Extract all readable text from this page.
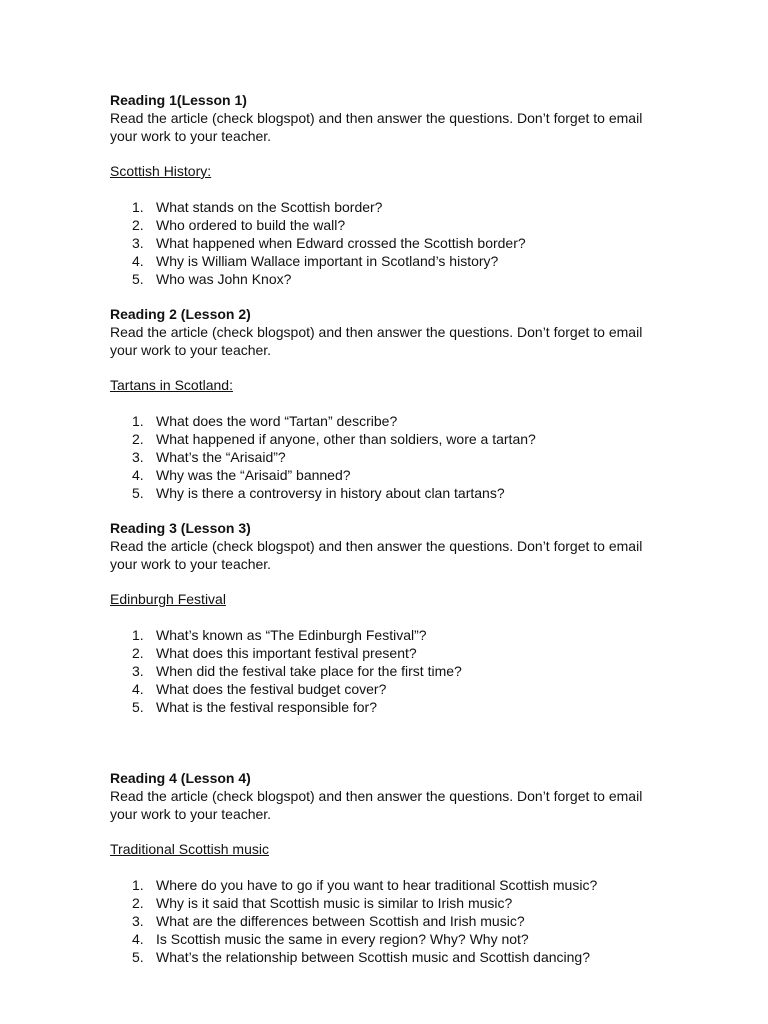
Reading 1(Lesson 1)

Read the article (check blogspot) and then answer the questions. Don’t forget to email your work to your teacher.

Scottish History:

1. What stands on the Scottish border?
2. Who ordered to build the wall?
3. What happened when Edward crossed the Scottish border?
4. Why is William Wallace important in Scotland’s history?
5. Who was John Knox?

Reading 2 (Lesson 2)

Read the article (check blogspot) and then answer the questions. Don’t forget to email your work to your teacher.

Tartans in Scotland:

1. What does the word “Tartan” describe?
2. What happened if anyone, other than soldiers, wore a tartan?
3. What’s the “Arisaid”?
4. Why was the “Arisaid” banned?
5. Why is there a controversy in history about clan tartans?

Reading 3 (Lesson 3)

Read the article (check blogspot) and then answer the questions. Don’t forget to email your work to your teacher.

Edinburgh Festival

1. What’s known as “The Edinburgh Festival”?
2. What does this important festival present?
3. When did the festival take place for the first time?
4. What does the festival budget cover?
5. What is the festival responsible for?

Reading 4 (Lesson 4)

Read the article (check blogspot) and then answer the questions. Don’t forget to email your work to your teacher.

Traditional Scottish music

1. Where do you have to go if you want to hear traditional Scottish music?
2. Why is it said that Scottish music is similar to Irish music?
3. What are the differences between Scottish and Irish music?
4. Is Scottish music the same in every region? Why? Why not?
5. What’s the relationship between Scottish music and Scottish dancing?
